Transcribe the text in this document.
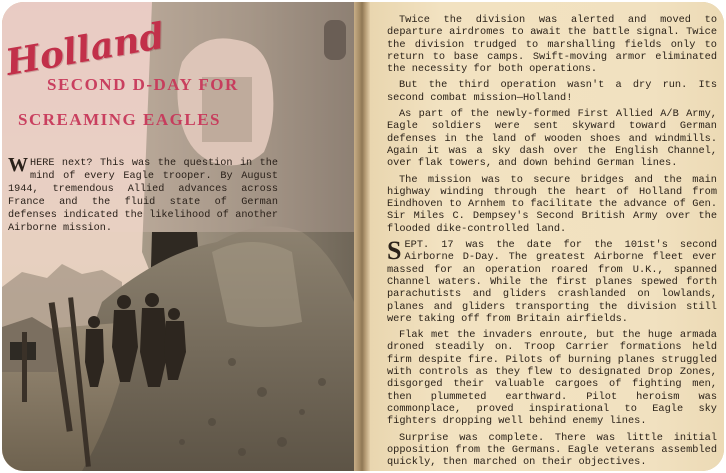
Holland
SECOND D-DAY FOR
SCREAMING EAGLES

WHERE next? This was the question in the mind of every Eagle trooper. By August 1944, tremendous Allied advances across France and the fluid state of German defenses indicated the likelihood of another Airborne mission.

Twice the division was alerted and moved to departure airdromes to await the battle signal. Twice the division trudged to marshalling fields only to return to base camps. Swift-moving armor eliminated the necessity for both operations.

But the third operation wasn't a dry run. Its second combat mission—Holland!

As part of the newly-formed First Allied A/B Army, Eagle soldiers were sent skyward toward German defenses in the land of wooden shoes and windmills. Again it was a sky dash over the English Channel, over flak towers, and down behind German lines.

The mission was to secure bridges and the main highway winding through the heart of Holland from Eindhoven to Arnhem to facilitate the advance of Gen. Sir Miles C. Dempsey's Second British Army over the flooded dike-controlled land.

SEPT. 17 was the date for the 101st's second Airborne D-Day. The greatest Airborne fleet ever massed for an operation roared from U.K., spanned Channel waters. While the first planes spewed forth parachutists and gliders crashlanded on lowlands, planes and gliders transporting the division still were taking off from Britain airfields.

Flak met the invaders enroute, but the huge armada droned steadily on. Troop Carrier formations held firm despite fire. Pilots of burning planes struggled with controls as they flew to designated Drop Zones, disgorged their valuable cargoes of fighting men, then plummeted earthward. Pilot heroism was commonplace, proved inspirational to Eagle sky fighters dropping well behind enemy lines.

Surprise was complete. There was little initial opposition from the Germans. Eagle veterans assembled quickly, then marched on their objectives.
